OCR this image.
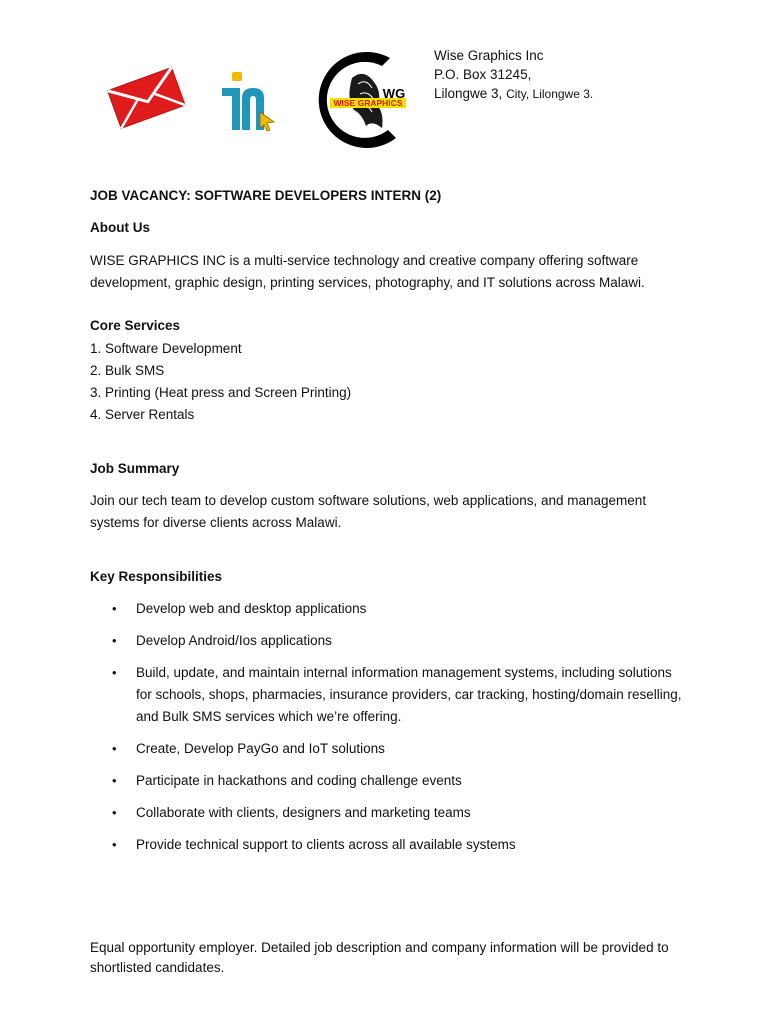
WISE GRAPHICS
WG
Wise Graphics Inc
P.O. Box 31245,
Lilongwe 3, City, Lilongwe 3.
JOB VACANCY: SOFTWARE DEVELOPERS INTERN (2)
About Us
WISE GRAPHICS INC is a multi-service technology and creative company offering software development, graphic design, printing services, photography, and IT solutions across Malawi.
Core Services
1. Software Development
2. Bulk SMS
3. Printing (Heat press and Screen Printing)
4. Server Rentals
Job Summary
Join our tech team to develop custom software solutions, web applications, and management systems for diverse clients across Malawi.
Key Responsibilities
• Develop web and desktop applications
• Develop Android/Ios applications
• Build, update, and maintain internal information management systems, including solutions for schools, shops, pharmacies, insurance providers, car tracking, hosting/domain reselling, and Bulk SMS services which we’re offering.
• Create, Develop PayGo and IoT solutions
• Participate in hackathons and coding challenge events
• Collaborate with clients, designers and marketing teams
• Provide technical support to clients across all available systems
Equal opportunity employer. Detailed job description and company information will be provided to shortlisted candidates.
